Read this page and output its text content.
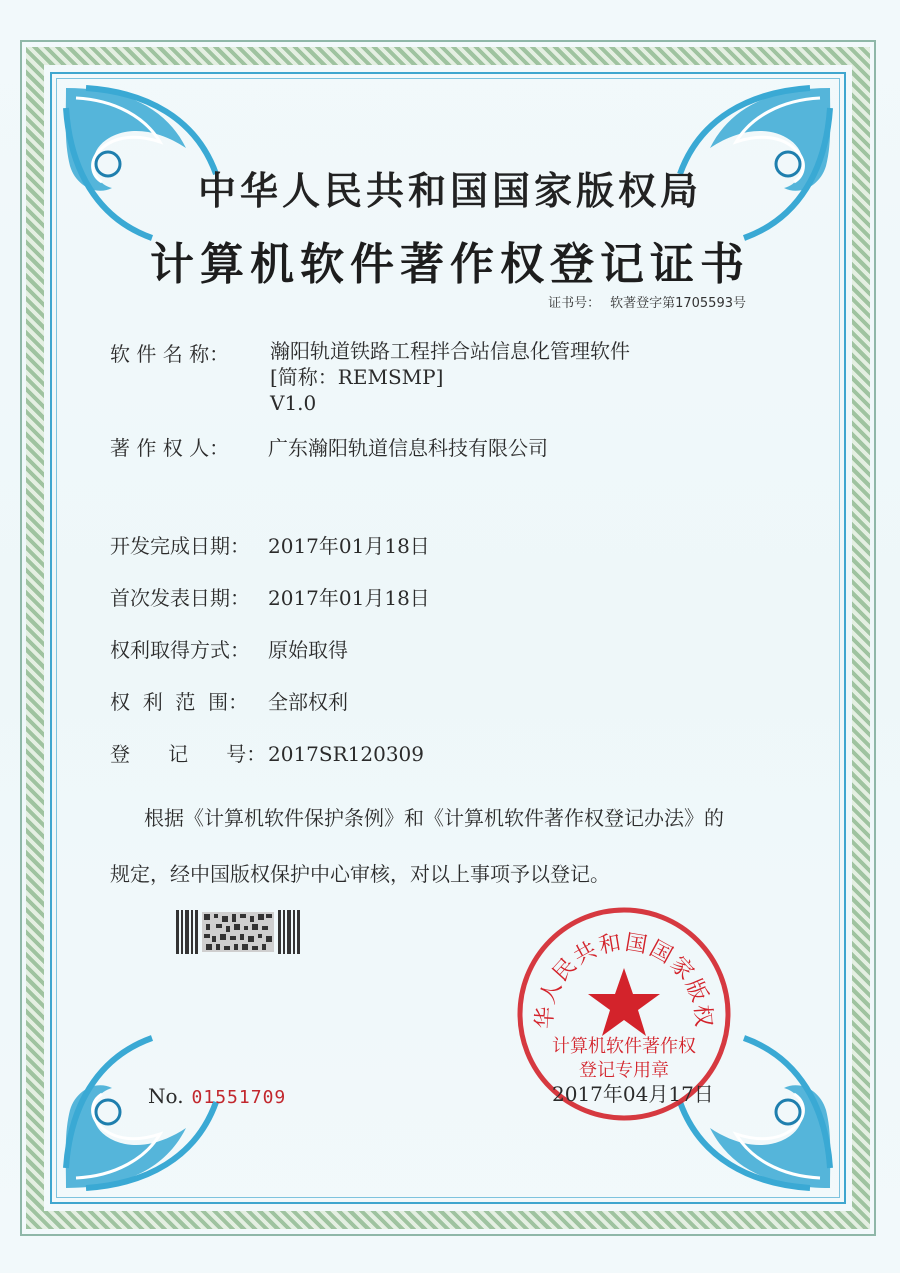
中华人民共和国国家版权局
计算机软件著作权登记证书
证书号： 软著登字第1705593号
软 件 名 称：	瀚阳轨道铁路工程拌合站信息化管理软件
[简称：REMSMP]
V1.0
著 作 权 人： 广东瀚阳轨道信息科技有限公司
开发完成日期： 2017年01月18日
首次发表日期： 2017年01月18日
权利取得方式： 原始取得
权  利  范  围： 全部权利
登      记      号：2017SR120309
根据《计算机软件保护条例》和《计算机软件著作权登记办法》的
规定，经中国版权保护中心审核，对以上事项予以登记。
No. 01551709
华人民共和国国家版权
计算机软件著作权
登记专用章
2017年04月17日
